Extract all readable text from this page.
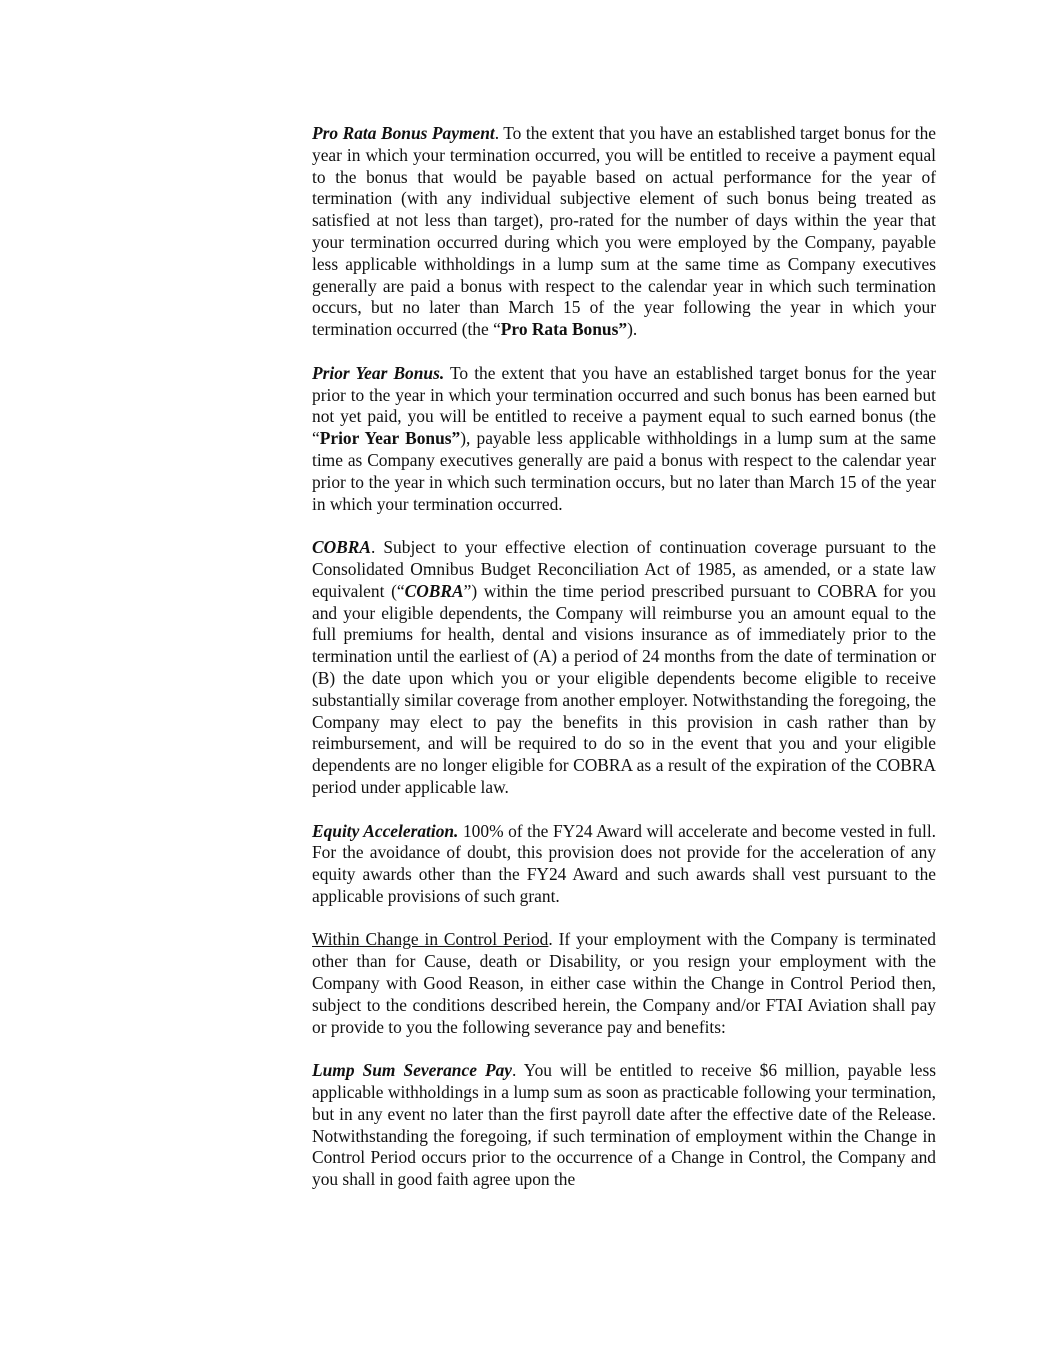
Pro Rata Bonus Payment. To the extent that you have an established target bonus for the year in which your termination occurred, you will be entitled to receive a payment equal to the bonus that would be payable based on actual performance for the year of termination (with any individual subjective element of such bonus being treated as satisfied at not less than target), pro-rated for the number of days within the year that your termination occurred during which you were employed by the Company, payable less applicable withholdings in a lump sum at the same time as Company executives generally are paid a bonus with respect to the calendar year in which such termination occurs, but no later than March 15 of the year following the year in which your termination occurred (the “Pro Rata Bonus”).

Prior Year Bonus. To the extent that you have an established target bonus for the year prior to the year in which your termination occurred and such bonus has been earned but not yet paid, you will be entitled to receive a payment equal to such earned bonus (the “Prior Year Bonus”), payable less applicable withholdings in a lump sum at the same time as Company executives generally are paid a bonus with respect to the calendar year prior to the year in which such termination occurs, but no later than March 15 of the year in which your termination occurred.

COBRA. Subject to your effective election of continuation coverage pursuant to the Consolidated Omnibus Budget Reconciliation Act of 1985, as amended, or a state law equivalent (“COBRA”) within the time period prescribed pursuant to COBRA for you and your eligible dependents, the Company will reimburse you an amount equal to the full premiums for health, dental and visions insurance as of immediately prior to the termination until the earliest of (A) a period of 24 months from the date of termination or (B) the date upon which you or your eligible dependents become eligible to receive substantially similar coverage from another employer. Notwithstanding the foregoing, the Company may elect to pay the benefits in this provision in cash rather than by reimbursement, and will be required to do so in the event that you and your eligible dependents are no longer eligible for COBRA as a result of the expiration of the COBRA period under applicable law.

Equity Acceleration. 100% of the FY24 Award will accelerate and become vested in full. For the avoidance of doubt, this provision does not provide for the acceleration of any equity awards other than the FY24 Award and such awards shall vest pursuant to the applicable provisions of such grant.

Within Change in Control Period. If your employment with the Company is terminated other than for Cause, death or Disability, or you resign your employment with the Company with Good Reason, in either case within the Change in Control Period then, subject to the conditions described herein, the Company and/or FTAI Aviation shall pay or provide to you the following severance pay and benefits:

Lump Sum Severance Pay. You will be entitled to receive $6 million, payable less applicable withholdings in a lump sum as soon as practicable following your termination, but in any event no later than the first payroll date after the effective date of the Release. Notwithstanding the foregoing, if such termination of employment within the Change in Control Period occurs prior to the occurrence of a Change in Control, the Company and you shall in good faith agree upon the
